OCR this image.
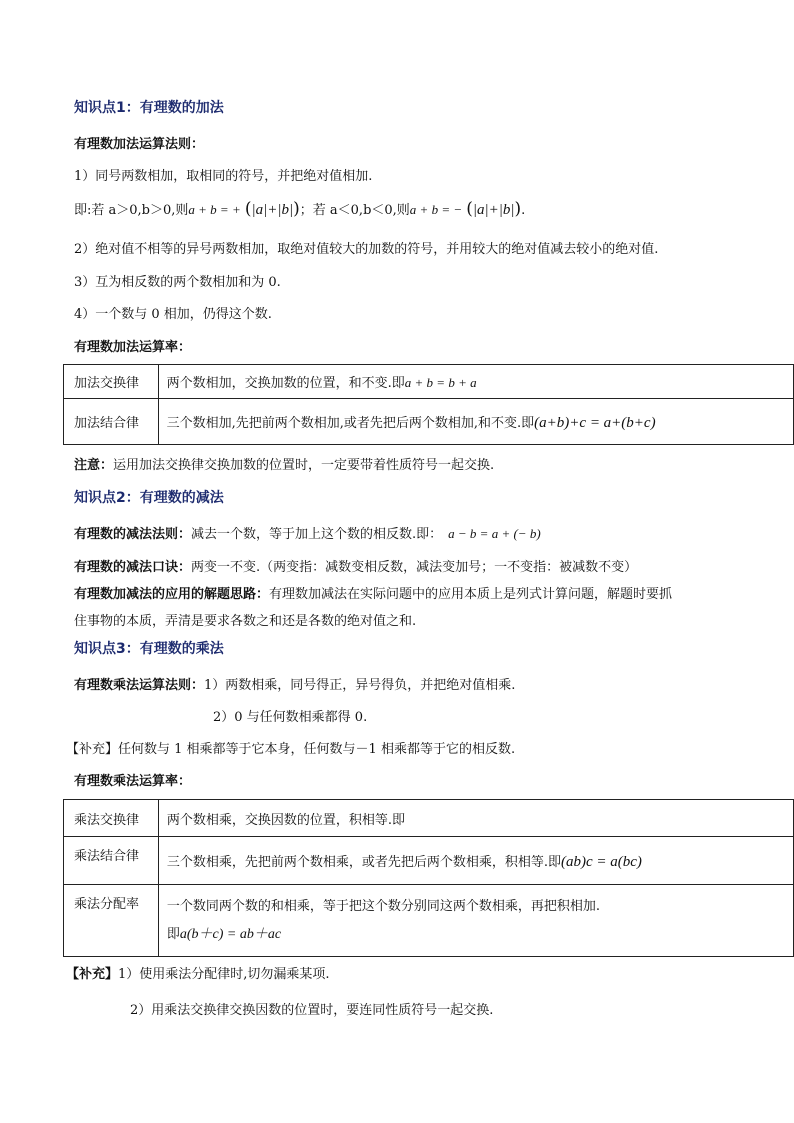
知识点1：有理数的加法
有理数加法运算法则：
1）同号两数相加，取相同的符号，并把绝对值相加.
即:若 a＞0,b＞0,则a + b = + (|a|+|b|)；若 a＜0,b＜0,则a + b = − (|a|+|b|).
2）绝对值不相等的异号两数相加，取绝对值较大的加数的符号，并用较大的绝对值减去较小的绝对值.
3）互为相反数的两个数相加和为 0.
4）一个数与 0 相加，仍得这个数.
有理数加法运算率：
加法交换律	两个数相加，交换加数的位置，和不变.即a + b = b + a
加法结合律	三个数相加,先把前两个数相加,或者先把后两个数相加,和不变.即(a+b)+c = a+(b+c)
注意：运用加法交换律交换加数的位置时，一定要带着性质符号一起交换.
知识点2：有理数的减法
有理数的减法法则：减去一个数，等于加上这个数的相反数.即： a − b = a + (− b)
有理数的减法口诀：两变一不变.（两变指：减数变相反数，减法变加号；一不变指：被减数不变）
有理数加减法的应用的解题思路：有理数加减法在实际问题中的应用本质上是列式计算问题，解题时要抓
住事物的本质，弄清是要求各数之和还是各数的绝对值之和.
知识点3：有理数的乘法
有理数乘法运算法则：1）两数相乘，同号得正，异号得负，并把绝对值相乘.
2）0 与任何数相乘都得 0.
【补充】任何数与 1 相乘都等于它本身，任何数与－1 相乘都等于它的相反数.
有理数乘法运算率：
乘法交换律	两个数相乘，交换因数的位置，积相等.即
乘法结合律	三个数相乘，先把前两个数相乘，或者先把后两个数相乘，积相等.即(ab)c = a(bc)
乘法分配率	一个数同两个数的和相乘，等于把这个数分别同这两个数相乘，再把积相加.
即a(b＋c) = ab＋ac
【补充】1）使用乘法分配律时,切勿漏乘某项.
2）用乘法交换律交换因数的位置时，要连同性质符号一起交换.
